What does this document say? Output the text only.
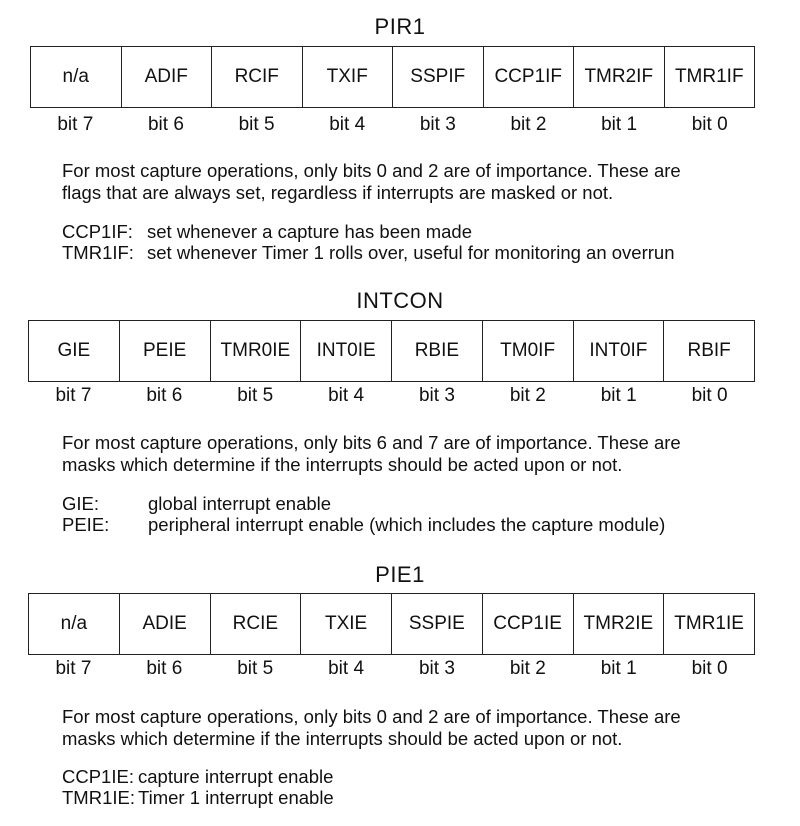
PIR1
n/a	ADIF	RCIF	TXIF	SSPIF	CCP1IF	TMR2IF	TMR1IF
bit 7	bit 6	bit 5	bit 4	bit 3	bit 2	bit 1	bit 0

For most capture operations, only bits 0 and 2 are of importance. These are

flags that are always set, regardless if interrupts are masked or not.

CCP1IF: set whenever a capture has been made
TMR1IF: set whenever Timer 1 rolls over, useful for monitoring an overrun
INTCON
GIE	PEIE	TMR0IE	INT0IE	RBIE	TM0IF	INT0IF	RBIF
bit 7	bit 6	bit 5	bit 4	bit 3	bit 2	bit 1	bit 0

For most capture operations, only bits 6 and 7 are of importance. These are

masks which determine if the interrupts should be acted upon or not.

GIE:	global interrupt enable
PEIE:	peripheral interrupt enable (which includes the capture module)
PIE1
n/a	ADIE	RCIE	TXIE	SSPIE	CCP1IE	TMR2IE	TMR1IE
bit 7	bit 6	bit 5	bit 4	bit 3	bit 2	bit 1	bit 0

For most capture operations, only bits 0 and 2 are of importance. These are

masks which determine if the interrupts should be acted upon or not.

CCP1IE: capture interrupt enable
TMR1IE: Timer 1 interrupt enable
